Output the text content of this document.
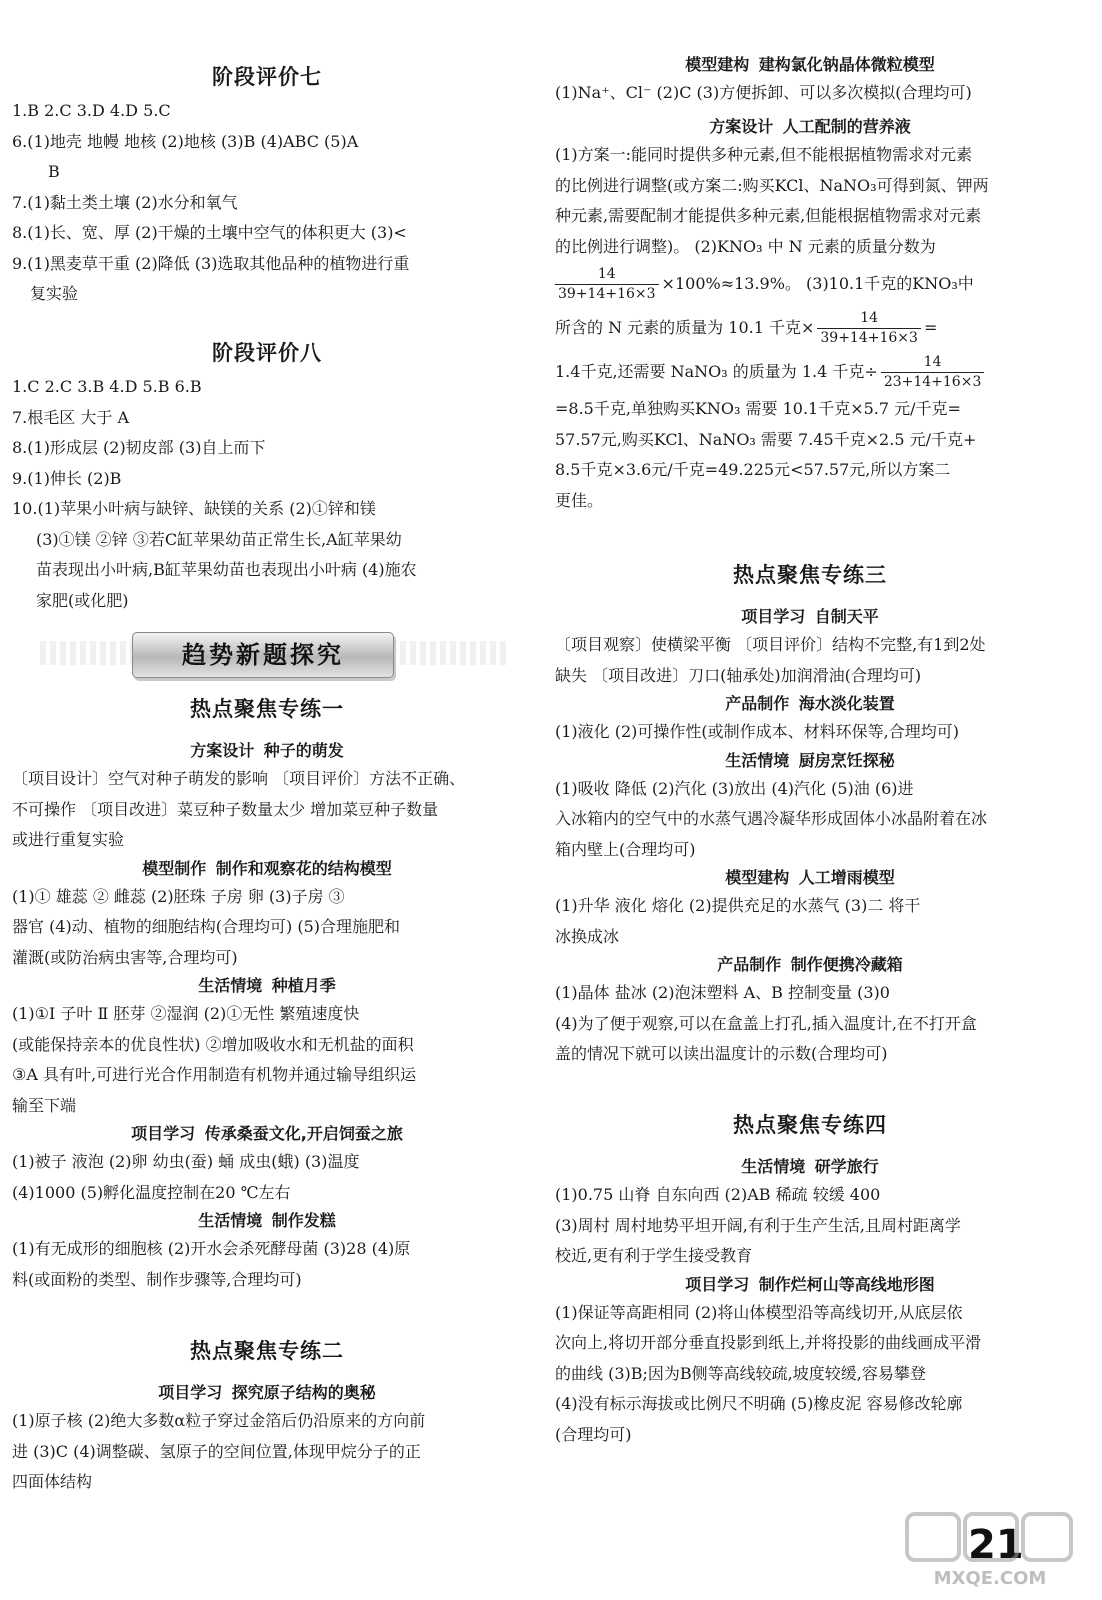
阶段评价七
1.B 2.C 3.D 4.D 5.C
6.(1)地壳 地幔 地核 (2)地核 (3)B (4)ABC (5)A
B
7.(1)黏土类土壤 (2)水分和氧气
8.(1)长、宽、厚 (2)干燥的土壤中空气的体积更大 (3)<
9.(1)黑麦草干重 (2)降低 (3)选取其他品种的植物进行重
复实验
阶段评价八
1.C 2.C 3.B 4.D 5.B 6.B
7.根毛区 大于 A
8.(1)形成层 (2)韧皮部 (3)自上而下
9.(1)伸长 (2)B
10.(1)苹果小叶病与缺锌、缺镁的关系 (2)①锌和镁
(3)①镁 ②锌 ③若C缸苹果幼苗正常生长,A缸苹果幼
苗表现出小叶病,B缸苹果幼苗也表现出小叶病 (4)施农
家肥(或化肥)
趋势新题探究
热点聚焦专练一
方案设计 种子的萌发
〔项目设计〕空气对种子萌发的影响 〔项目评价〕方法不正确、
不可操作 〔项目改进〕菜豆种子数量太少 增加菜豆种子数量
或进行重复实验
模型制作 制作和观察花的结构模型
(1)① 雄蕊 ② 雌蕊 (2)胚珠 子房 卵 (3)子房 ③
器官 (4)动、植物的细胞结构(合理均可) (5)合理施肥和
灌溉(或防治病虫害等,合理均可)
生活情境 种植月季
(1)①Ⅰ 子叶 Ⅱ 胚芽 ②湿润 (2)①无性 繁殖速度快
(或能保持亲本的优良性状) ②增加吸收水和无机盐的面积
③A 具有叶,可进行光合作用制造有机物并通过输导组织运
输至下端
项目学习 传承桑蚕文化,开启饲蚕之旅
(1)被子 液泡 (2)卵 幼虫(蚕) 蛹 成虫(蛾) (3)温度
(4)1000 (5)孵化温度控制在20 ℃左右
生活情境 制作发糕
(1)有无成形的细胞核 (2)开水会杀死酵母菌 (3)28 (4)原
料(或面粉的类型、制作步骤等,合理均可)
热点聚焦专练二
项目学习 探究原子结构的奥秘
(1)原子核 (2)绝大多数α粒子穿过金箔后仍沿原来的方向前
进 (3)C (4)调整碳、氢原子的空间位置,体现甲烷分子的正
四面体结构
模型建构 建构氯化钠晶体微粒模型
(1)Na⁺、Cl⁻ (2)C (3)方便拆卸、可以多次模拟(合理均可)
方案设计 人工配制的营养液
(1)方案一:能同时提供多种元素,但不能根据植物需求对元素
的比例进行调整(或方案二:购买KCl、NaNO₃可得到氮、钾两
种元素,需要配制才能提供多种元素,但能根据植物需求对元素
的比例进行调整)。 (2)KNO₃ 中 N 元素的质量分数为
$\frac{14}{39+14+16\times 3} \times 100\%\approx 13.9\%$。 (3)10.1千克的KNO₃中
所含的 N 元素的质量为 10.1 千克× $\frac{14}{39+14+16\times 3}$ =
1.4千克,还需要 NaNO₃ 的质量为 1.4 千克÷ $\frac{14}{23+14+16\times 3}$
=8.5千克,单独购买KNO₃ 需要 10.1千克×5.7 元/千克=
57.57元,购买KCl、NaNO₃ 需要 7.45千克×2.5 元/千克+
8.5千克×3.6元/千克=49.225元<57.57元,所以方案二
更佳。
热点聚焦专练三
项目学习 自制天平
〔项目观察〕使横梁平衡 〔项目评价〕结构不完整,有1到2处
缺失 〔项目改进〕刀口(轴承处)加润滑油(合理均可)
产品制作 海水淡化装置
(1)液化 (2)可操作性(或制作成本、材料环保等,合理均可)
生活情境 厨房烹饪探秘
(1)吸收 降低 (2)汽化 (3)放出 (4)汽化 (5)油 (6)进
入冰箱内的空气中的水蒸气遇冷凝华形成固体小冰晶附着在冰
箱内壁上(合理均可)
模型建构 人工增雨模型
(1)升华 液化 熔化 (2)提供充足的水蒸气 (3)二 将干
冰换成冰
产品制作 制作便携冷藏箱
(1)晶体 盐冰 (2)泡沫塑料 A、B 控制变量 (3)0
(4)为了便于观察,可以在盒盖上打孔,插入温度计,在不打开盒
盖的情况下就可以读出温度计的示数(合理均可)
热点聚焦专练四
生活情境 研学旅行
(1)0.75 山脊 自东向西 (2)AB 稀疏 较缓 400
(3)周村 周村地势平坦开阔,有利于生产生活,且周村距离学
校近,更有利于学生接受教育
项目学习 制作烂柯山等高线地形图
(1)保证等高距相同 (2)将山体模型沿等高线切开,从底层依
次向上,将切开部分垂直投影到纸上,并将投影的曲线画成平滑
的曲线 (3)B;因为B侧等高线较疏,坡度较缓,容易攀登
(4)没有标示海拔或比例尺不明确 (5)橡皮泥 容易修改轮廓
(合理均可)
21
MXQE.COM
